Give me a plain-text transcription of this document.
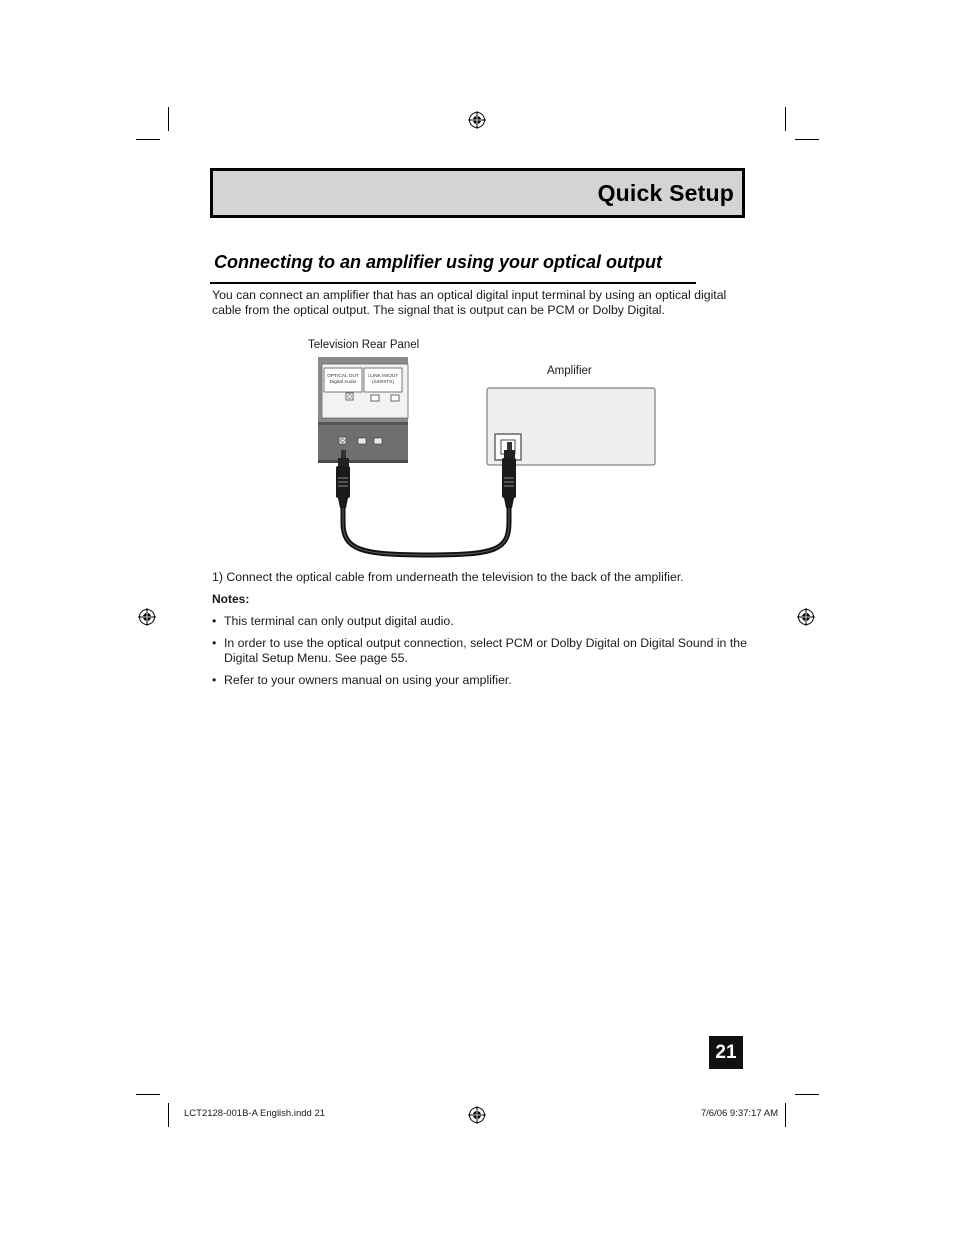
Quick Setup
Connecting to an amplifier using your optical output
You can connect an amplifier that has an optical digital input terminal by using an optical digital cable from the optical output. The signal that is output can be PCM or Dolby Digital.
Television Rear Panel
Amplifier
OPTICAL OUT
Digital Audio
i.LINK IN/OUT
(S400/TS)
1) Connect the optical cable from underneath the television to the back of the amplifier.
Notes:
• This terminal can only output digital audio.
• In order to use the optical output connection, select PCM or Dolby Digital on Digital Sound in the Digital Setup Menu. See page 55.
• Refer to your owners manual on using your amplifier.
21
LCT2128-001B-A English.indd 21	7/6/06 9:37:17 AM
